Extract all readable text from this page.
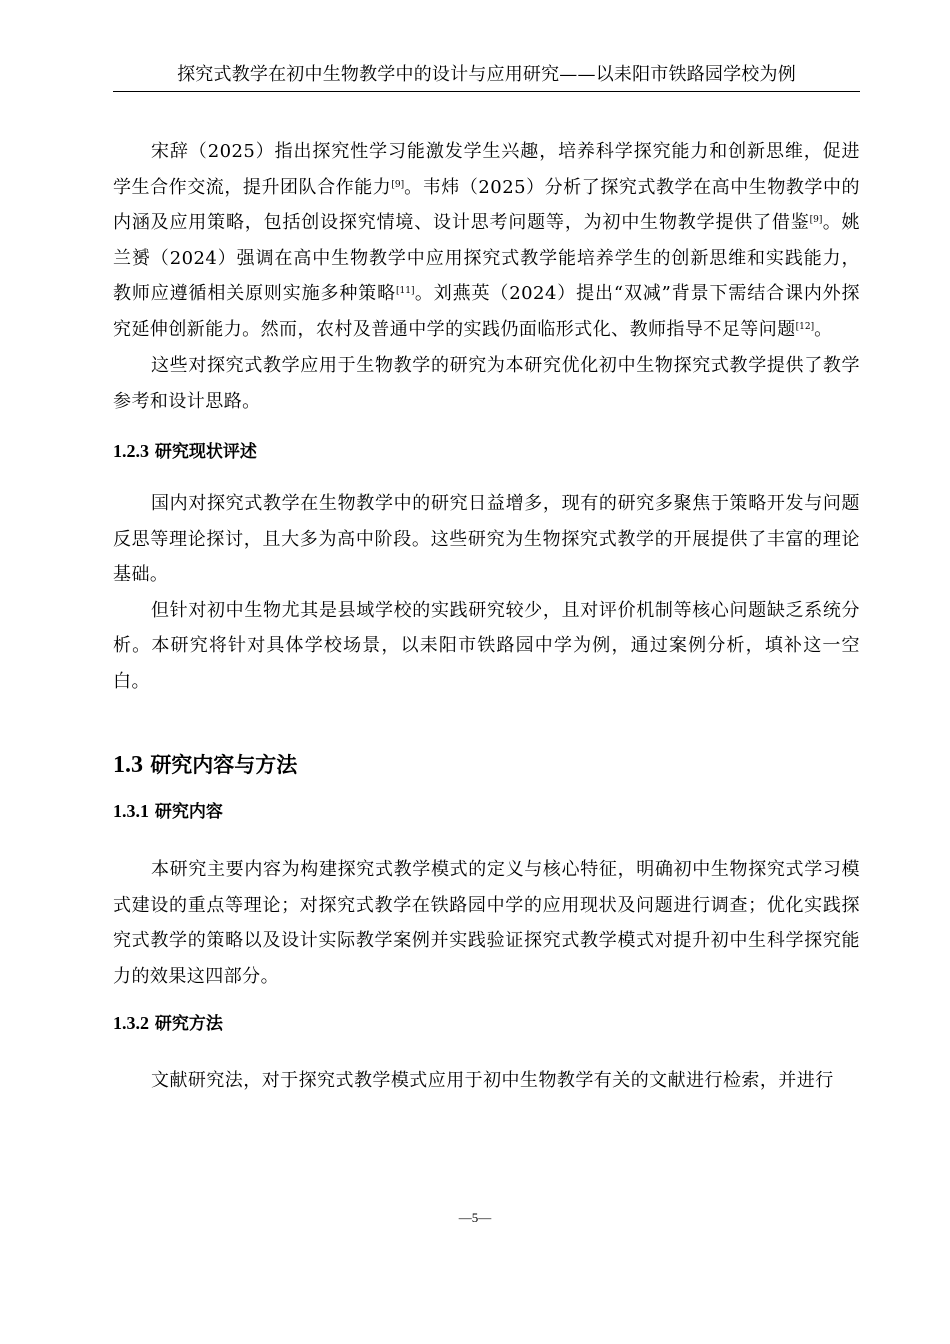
探究式教学在初中生物教学中的设计与应用研究——以耒阳市铁路园学校为例

宋辞（2025）指出探究性学习能激发学生兴趣，培养科学探究能力和创新思维，促进学生合作交流，提升团队合作能力[9]。韦炜（2025）分析了探究式教学在高中生物教学中的内涵及应用策略，包括创设探究情境、设计思考问题等，为初中生物教学提供了借鉴[9]。姚兰赟（2024）强调在高中生物教学中应用探究式教学能培养学生的创新思维和实践能力，教师应遵循相关原则实施多种策略[11]。刘燕英（2024）提出“双减”背景下需结合课内外探究延伸创新能力。然而，农村及普通中学的实践仍面临形式化、教师指导不足等问题[12]。

这些对探究式教学应用于生物教学的研究为本研究优化初中生物探究式教学提供了教学参考和设计思路。

1.2.3 研究现状评述

国内对探究式教学在生物教学中的研究日益增多，现有的研究多聚焦于策略开发与问题反思等理论探讨，且大多为高中阶段。这些研究为生物探究式教学的开展提供了丰富的理论基础。

但针对初中生物尤其是县域学校的实践研究较少，且对评价机制等核心问题缺乏系统分析。本研究将针对具体学校场景，以耒阳市铁路园中学为例，通过案例分析，填补这一空白。

1.3 研究内容与方法
1.3.1 研究内容

本研究主要内容为构建探究式教学模式的定义与核心特征，明确初中生物探究式学习模式建设的重点等理论；对探究式教学在铁路园中学的应用现状及问题进行调查；优化实践探究式教学的策略以及设计实际教学案例并实践验证探究式教学模式对提升初中生科学探究能力的效果这四部分。

1.3.2 研究方法

文献研究法，对于探究式教学模式应用于初中生物教学有关的文献进行检索，并进行

—5—
